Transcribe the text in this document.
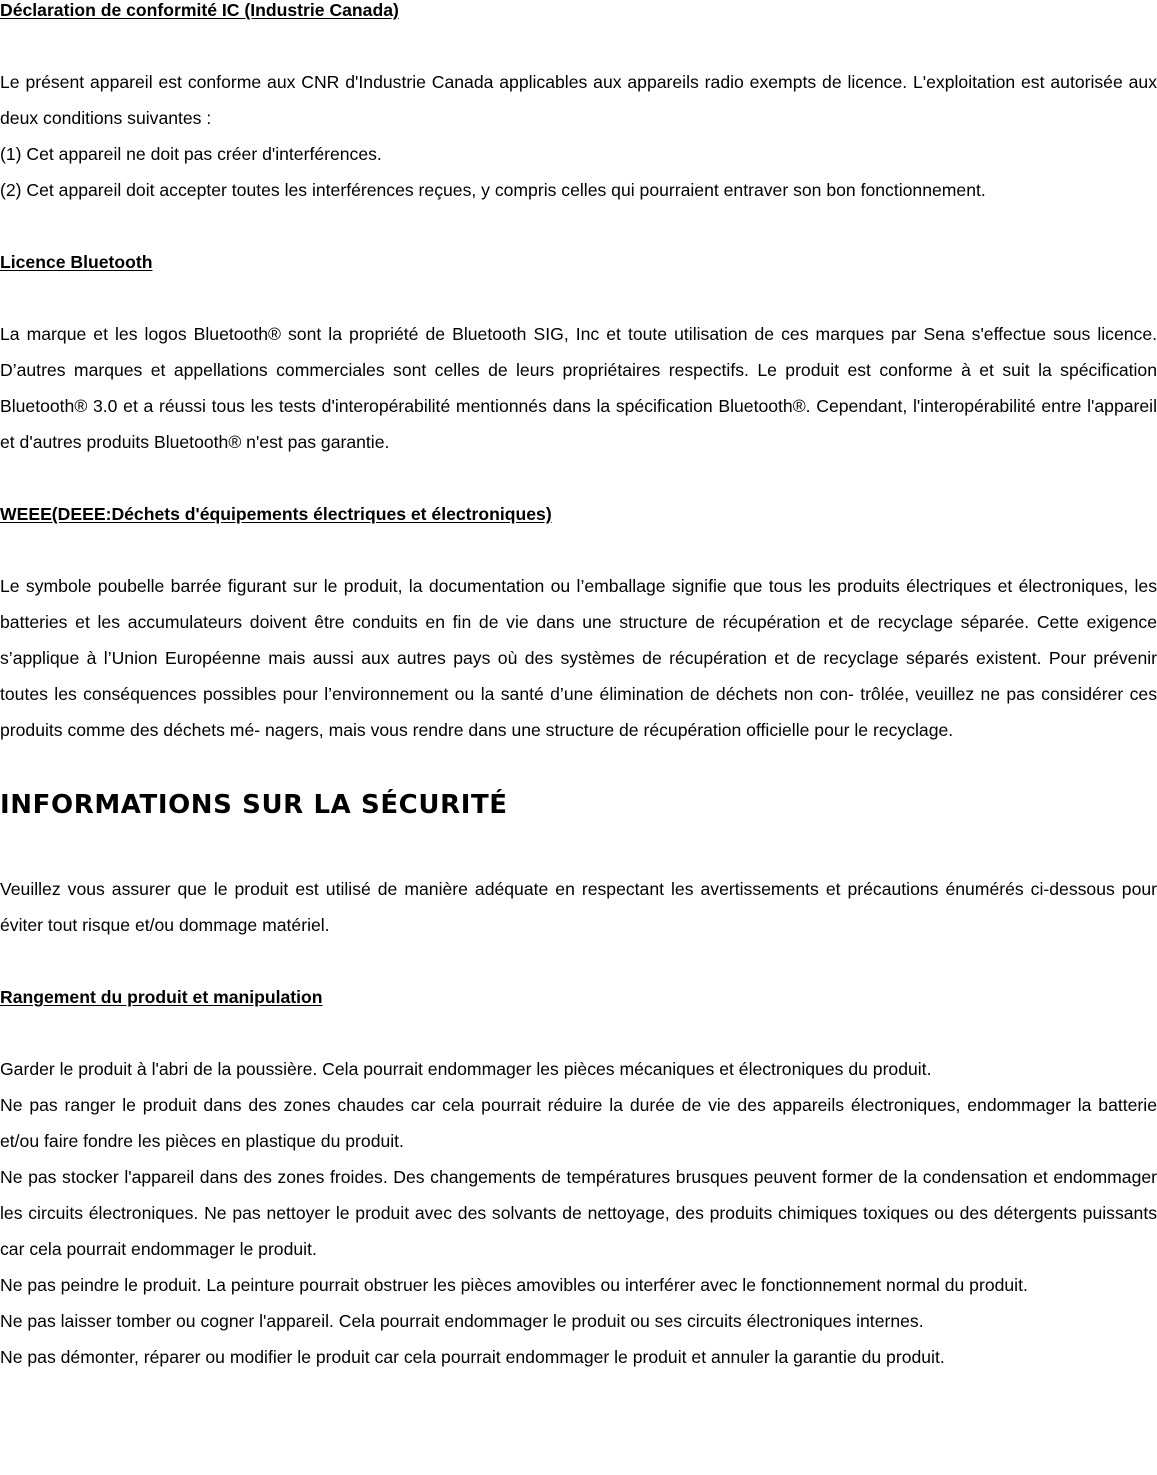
Déclaration de conformité IC (Industrie Canada)

Le présent appareil est conforme aux CNR d'Industrie Canada applicables aux appareils radio exempts de licence. L'exploitation est autorisée aux deux conditions suivantes :

(1) Cet appareil ne doit pas créer d'interférences.

(2) Cet appareil doit accepter toutes les interférences reçues, y compris celles qui pourraient entraver son bon fonctionnement.

Licence Bluetooth

La marque et les logos Bluetooth® sont la propriété de Bluetooth SIG, Inc et toute utilisation de ces marques par Sena s'effectue sous licence. D’autres marques et appellations commerciales sont celles de leurs propriétaires respectifs. Le produit est conforme à et suit la spécification Bluetooth® 3.0 et a réussi tous les tests d'interopérabilité mentionnés dans la spécification Bluetooth®. Cependant, l'interopérabilité entre l'appareil et d'autres produits Bluetooth® n'est pas garantie.

WEEE(DEEE:Déchets d'équipements électriques et électroniques)

Le symbole poubelle barrée figurant sur le produit, la documentation ou l’emballage signifie que tous les produits électriques et électroniques, les batteries et les accumulateurs doivent être conduits en fin de vie dans une structure de récupération et de recyclage séparée. Cette exigence s’applique à l’Union Européenne mais aussi aux autres pays où des systèmes de récupération et de recyclage séparés existent. Pour prévenir toutes les conséquences possibles pour l’environnement ou la santé d’une élimination de déchets non con- trôlée, veuillez ne pas considérer ces produits comme des déchets mé- nagers, mais vous rendre dans une structure de récupération officielle pour le recyclage.

INFORMATIONS SUR LA SÉCURITÉ

Veuillez vous assurer que le produit est utilisé de manière adéquate en respectant les avertissements et précautions énumérés ci-dessous pour éviter tout risque et/ou dommage matériel.

Rangement du produit et manipulation

Garder le produit à l'abri de la poussière. Cela pourrait endommager les pièces mécaniques et électroniques du produit.

Ne pas ranger le produit dans des zones chaudes car cela pourrait réduire la durée de vie des appareils électroniques, endommager la batterie et/ou faire fondre les pièces en plastique du produit.

Ne pas stocker l'appareil dans des zones froides. Des changements de températures brusques peuvent former de la condensation et endommager les circuits électroniques. Ne pas nettoyer le produit avec des solvants de nettoyage, des produits chimiques toxiques ou des détergents puissants car cela pourrait endommager le produit.

Ne pas peindre le produit. La peinture pourrait obstruer les pièces amovibles ou interférer avec le fonctionnement normal du produit.

Ne pas laisser tomber ou cogner l'appareil. Cela pourrait endommager le produit ou ses circuits électroniques internes.

Ne pas démonter, réparer ou modifier le produit car cela pourrait endommager le produit et annuler la garantie du produit.
